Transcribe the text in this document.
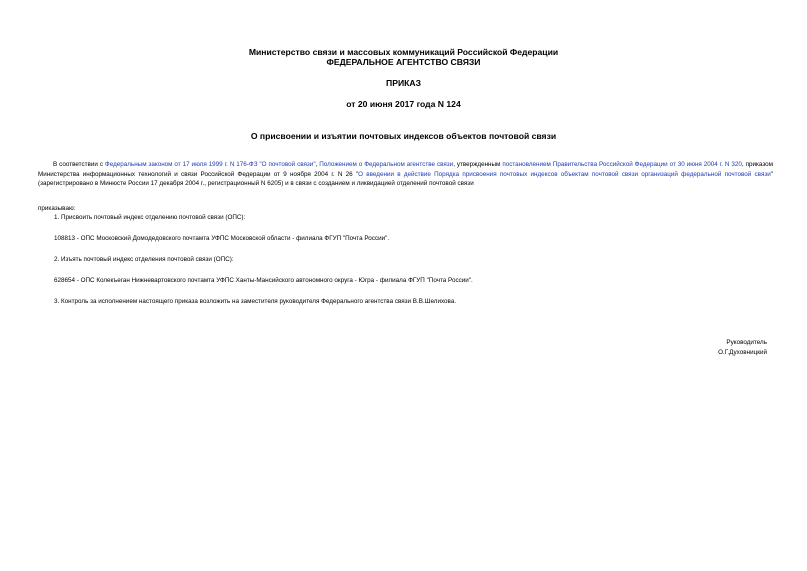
Министерство связи и массовых коммуникаций Российской Федерации
ФЕДЕРАЛЬНОЕ АГЕНТСТВО СВЯЗИ
ПРИКАЗ
от 20 июня 2017 года N 124
О присвоении и изъятии почтовых индексов объектов почтовой связи
В соответствии с Федеральным законом от 17 июля 1999 г. N 176-ФЗ "О почтовой связи", Положением о Федеральном агентстве связи, утвержденным постановлением Правительства Российской Федерации от 30 июня 2004 г. N 320, приказом Министерства информационных технологий и связи Российской Федерации от 9 ноября 2004 г. N 26 "О введении в действие Порядка присвоения почтовых индексов объектам почтовой связи организаций федеральной почтовой связи" (зарегистрировано в Минюсте России 17 декабря 2004 г., регистрационный N 6205) и в связи с созданием и ликвидацией отделений почтовой связи
приказываю:
1. Присвоить почтовый индекс отделению почтовой связи (ОПС):
108813 - ОПС Московский Домодедовского почтамта УФПС Московской области - филиала ФГУП "Почта России".
2. Изъять почтовый индекс отделения почтовой связи (ОПС):
628654 - ОПС Колекъеган Нижневартовского почтамта УФПС Ханты-Мансийского автономного округа - Югра - филиала ФГУП "Почта России".
3. Контроль за исполнением настоящего приказа возложить на заместителя руководителя Федерального агентства связи В.В.Шелихова.
Руководитель
О.Г.Духовницкий
